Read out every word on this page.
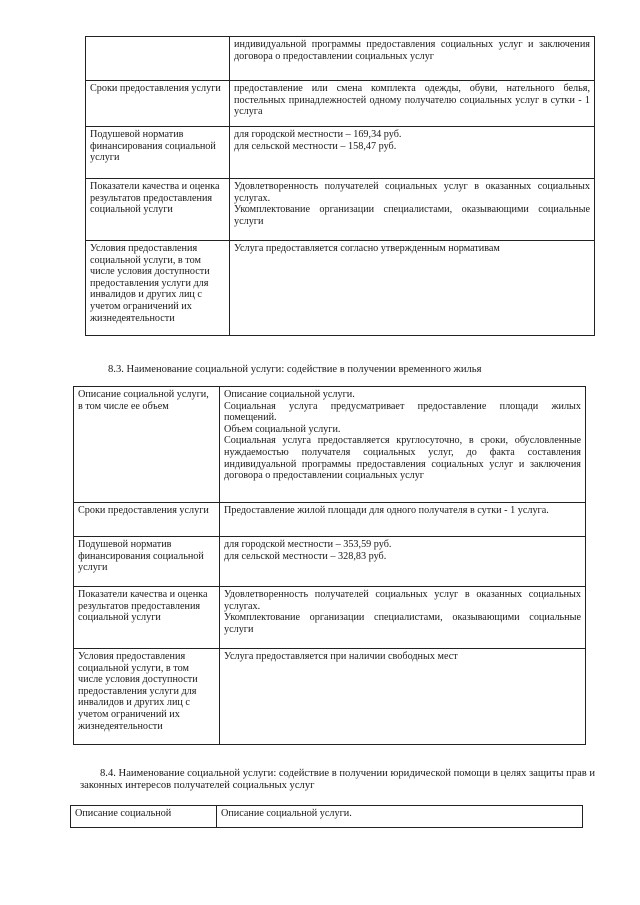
	индивидуальной программы предоставления социальных услуг и заключения договора о предоставлении социальных услуг

Сроки предоставления услуги	предоставление или смена комплекта одежды, обуви, нательного белья, постельных принадлежностей одному получателю социальных услуг в сутки - 1 услуга

Подушевой норматив финансирования социальной услуги	для городской местности – 169,34 руб.
для сельской местности – 158,47 руб.

Показатели качества и оценка результатов предоставления социальной услуги	Удовлетворенность получателей социальных услуг в оказанных социальных услугах.
Укомплектование организации специалистами, оказывающими социальные услуги

Условия предоставления социальной услуги, в том числе условия доступности предоставления услуги для инвалидов и других лиц с учетом ограничений их жизнедеятельности	Услуга предоставляется согласно утвержденным нормативам
8.3. Наименование социальной услуги: содействие в получении временного жилья
Описание социальной услуги, в том числе ее объем	Описание социальной услуги.
Социальная услуга предусматривает предоставление площади жилых помещений.
Объем социальной услуги.
Социальная услуга предоставляется круглосуточно, в сроки, обусловленные нуждаемостью получателя социальных услуг, до факта составления индивидуальной программы предоставления социальных услуг и заключения договора о предоставлении социальных услуг

Сроки предоставления услуги	Предоставление жилой площади для одного получателя в сутки - 1 услуга.

Подушевой норматив финансирования социальной услуги	для городской местности – 353,59 руб.
для сельской местности – 328,83 руб.

Показатели качества и оценка результатов предоставления социальной услуги	Удовлетворенность получателей социальных услуг в оказанных социальных услугах.
Укомплектование организации специалистами, оказывающими социальные услуги

Условия предоставления социальной услуги, в том числе условия доступности предоставления услуги для инвалидов и других лиц с учетом ограничений их жизнедеятельности	Услуга предоставляется при наличии свободных мест
8.4. Наименование социальной услуги: содействие в получении юридической помощи в целях защиты прав и законных интересов получателей социальных услуг
Описание социальной	Описание социальной услуги.
